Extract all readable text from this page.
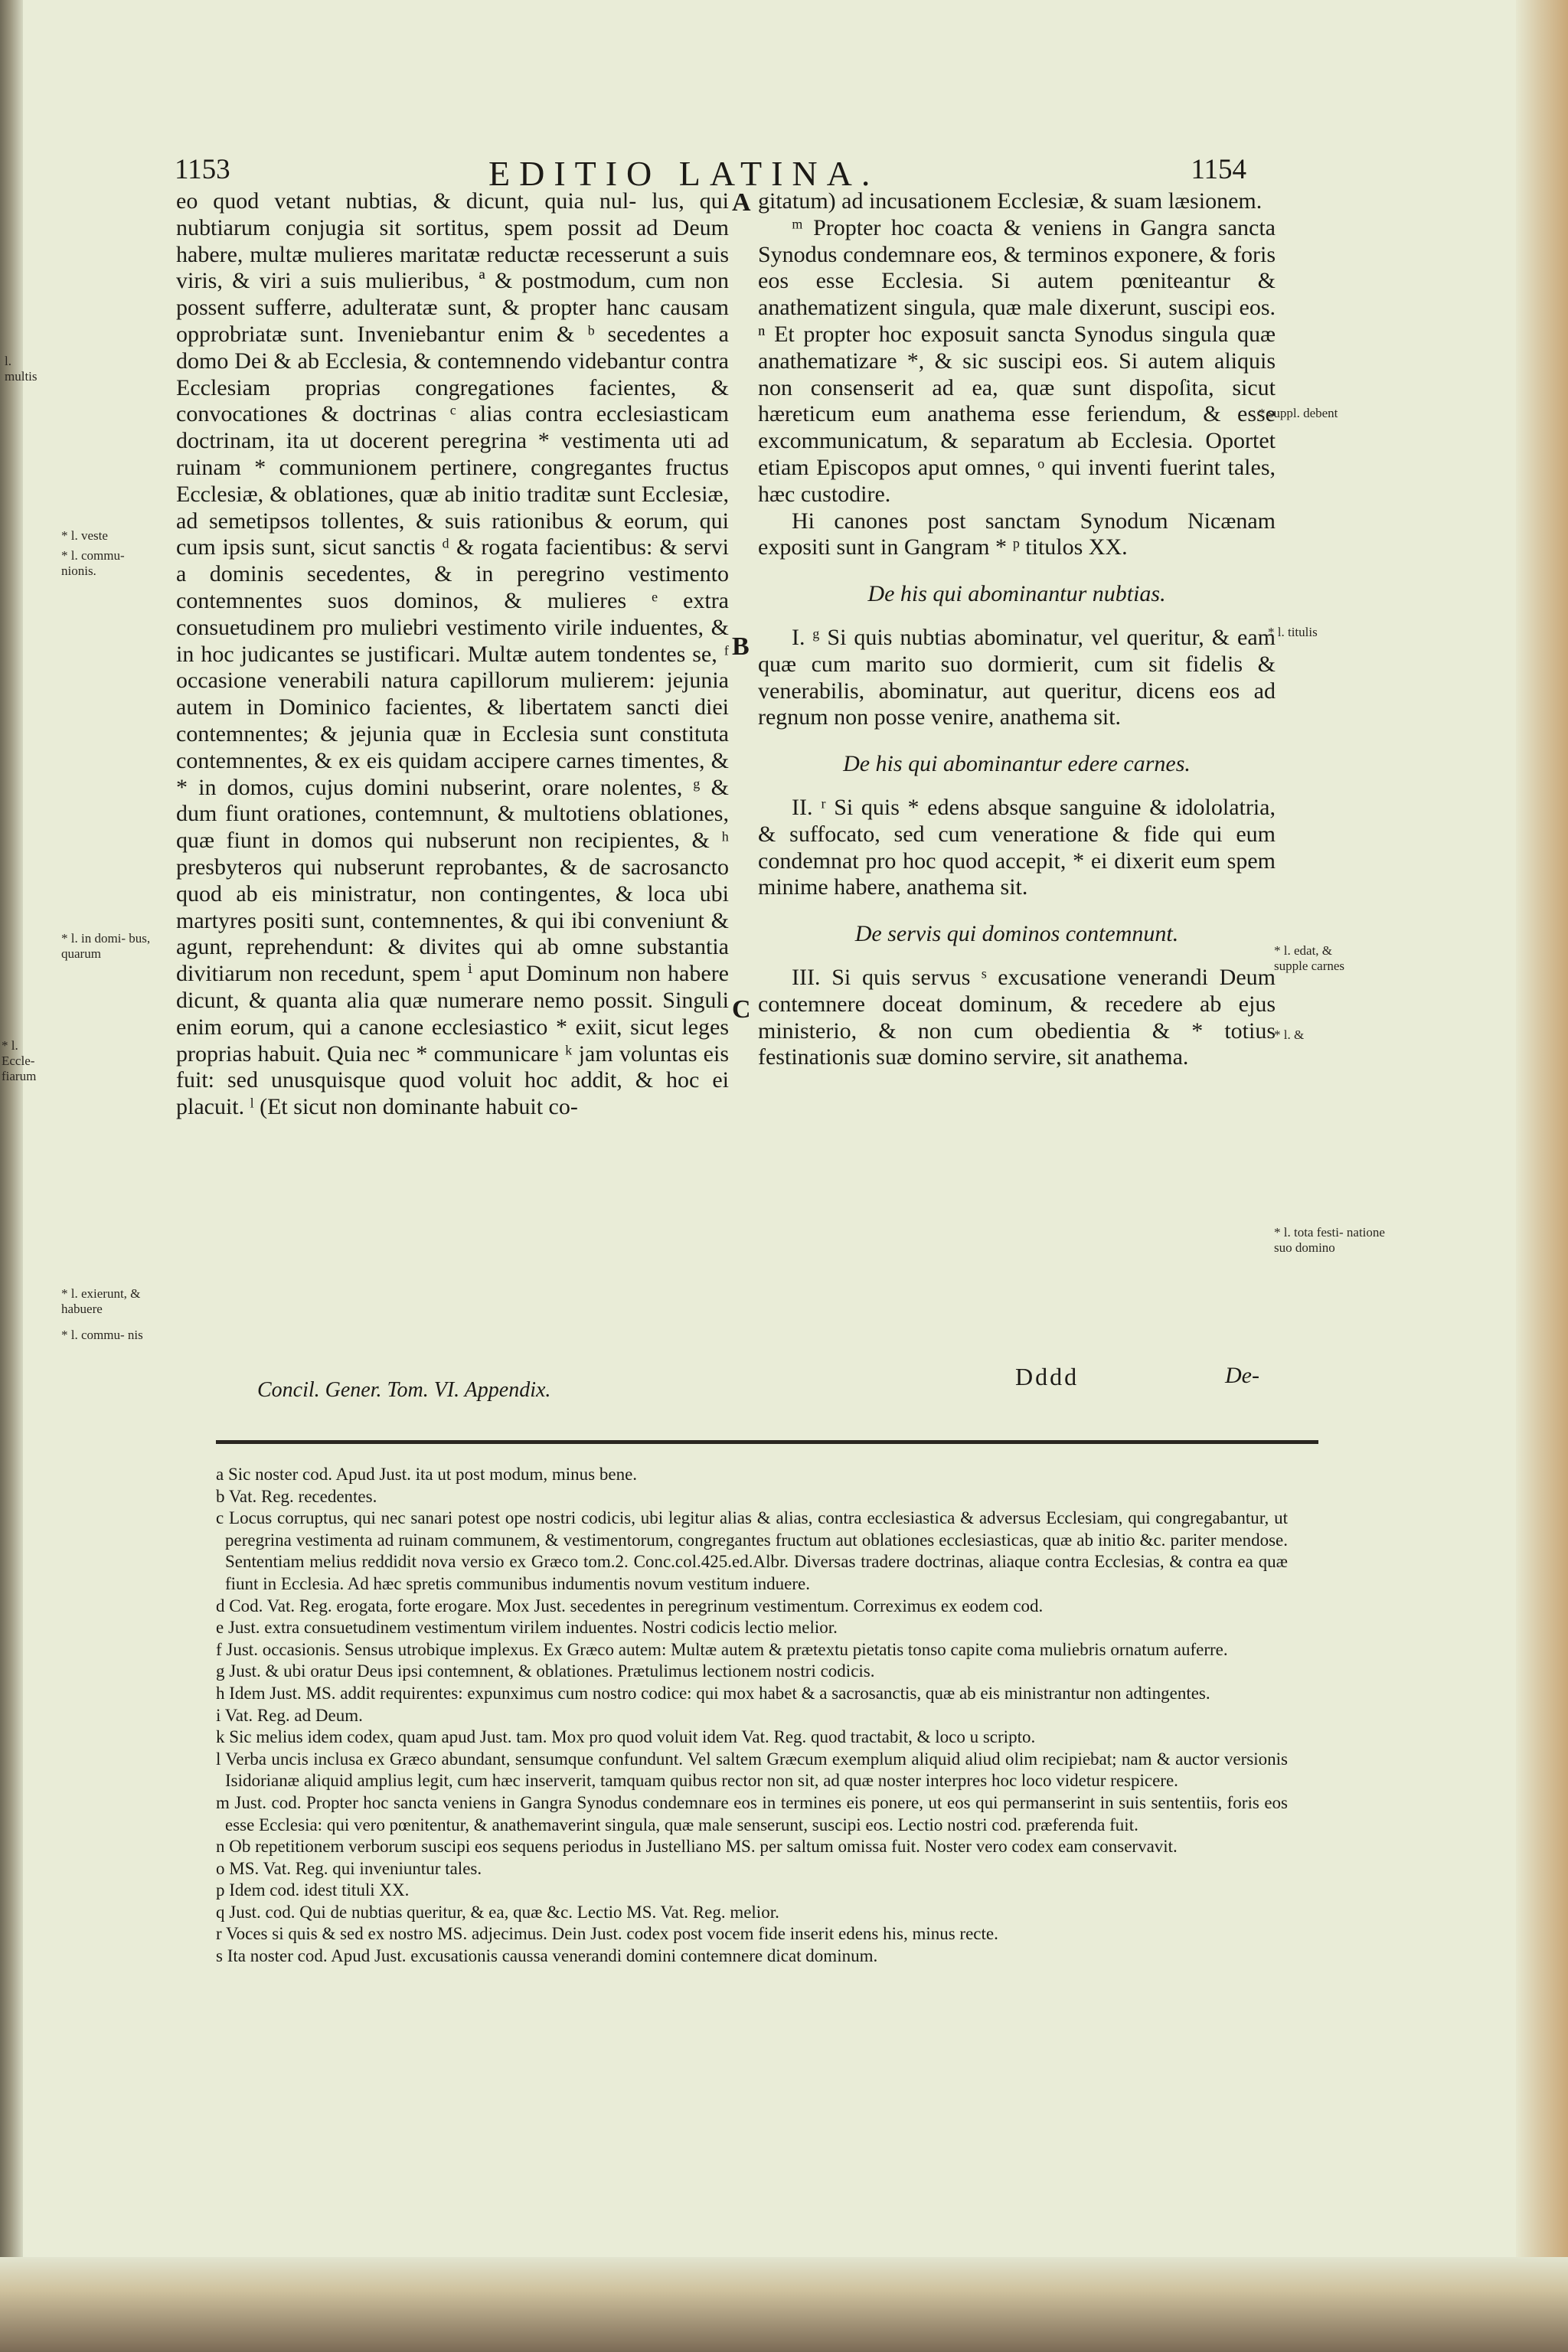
1153	EDITIO LATINA.	1154

eo quod vetant nubtias, & dicunt, quia nul- lus, qui nubtiarum conjugia sit sortitus, spem possit ad Deum habere, multæ mulieres maritatæ reductæ recesserunt a suis viris, & viri a suis mulieribus, ª & postmodum, cum non possent sufferre, adulteratæ sunt, & propter hanc causam opprobriatæ sunt. Inveniebantur enim & ᵇ secedentes a domo Dei & ab Ecclesia, & contemnendo videbantur contra Ecclesiam proprias congregationes facientes, & convocationes & doctrinas ᶜ alias contra ecclesiasticam doctrinam, ita ut docerent peregrina * vestimenta uti ad ruinam * communionem pertinere, congregantes fructus Ecclesiæ, & oblationes, quæ ab initio traditæ sunt Ecclesiæ, ad semetipsos tollentes, & suis rationibus & eorum, qui cum ipsis sunt, sicut sanctis ᵈ & rogata facientibus: & servi a dominis secedentes, & in peregrino vestimento contemnentes suos dominos, & mulieres ᵉ extra consuetudinem pro muliebri vestimento virile induentes, & in hoc judicantes se justificari. Multæ autem tondentes se, ᶠ occasione venerabili natura capillorum mulierem: jejunia autem in Dominico facientes, & libertatem sancti diei contemnentes; & jejunia quæ in Ecclesia sunt constituta contemnentes, & ex eis quidam accipere carnes timentes, & * in domos, cujus domini nubserint, orare nolentes, ᵍ & dum fiunt orationes, contemnunt, & multotiens oblationes, quæ fiunt in domos qui nubserunt non recipientes, & ʰ presbyteros qui nubserunt reprobantes, & de sacrosancto quod ab eis ministratur, non contingentes, & loca ubi martyres positi sunt, contemnentes, & qui ibi conveniunt & agunt, reprehendunt: & divites qui ab omne substantia divitiarum non recedunt, spem ⁱ aput Dominum non habere dicunt, & quanta alia quæ numerare nemo possit. Singuli enim eorum, qui a canone ecclesiastico * exiit, sicut leges proprias habuit. Quia nec * communicare ᵏ jam voluntas eis fuit: sed unusquisque quod voluit hoc addit, & hoc ei placuit. ˡ (Et sicut non dominante habuit co-

gitatum) ad incusationem Ecclesiæ, & suam læsionem.

ᵐ Propter hoc coacta & veniens in Gangra sancta Synodus condemnare eos, & terminos exponere, & foris eos esse Ecclesia. Si autem pœniteantur & anathematizent singula, quæ male dixerunt, suscipi eos. ⁿ Et propter hoc exposuit sancta Synodus singula quæ anathematizare *, & sic suscipi eos. Si autem aliquis non consenserit ad ea, quæ sunt dispoſita, sicut hæreticum eum anathema esse feriendum, & esse excommunicatum, & separatum ab Ecclesia. Oportet etiam Episcopos aput omnes, ᵒ qui inventi fuerint tales, hæc custodire.

Hi canones post sanctam Synodum Nicænam expositi sunt in Gangram * ᵖ titulos XX.

De his qui abominantur nubtias.

I. ᵍ Si quis nubtias abominatur, vel queritur, & eam quæ cum marito suo dormierit, cum sit fidelis & venerabilis, abominatur, aut queritur, dicens eos ad regnum non posse venire, anathema sit.

De his qui abominantur edere carnes.

II. ʳ Si quis * edens absque sanguine & idololatria, & suffocato, sed cum veneratione & fide qui eum condemnat pro hoc quod accepit, * ei dixerit eum spem minime habere, anathema sit.

De servis qui dominos contemnunt.

III. Si quis servus ˢ excusatione venerandi Deum contemnere doceat dominum, & recedere ab ejus ministerio, & non cum obedientia & * totius festinationis suæ domino servire, sit anathema.

A
B
C
l. multis
* l. veste
* l. commu- nionis.
* l. in domi- bus, quarum
* l. Eccle- fiarum
* l. exierunt, & habuere
* l. commu- nis
* suppl. debent
* l. titulis
* l. edat, & supple carnes
* l. &
* l. tota festi- natione suo domino
Concil. Gener. Tom. VI. Appendix.	Dddd	De-

a Sic noster cod. Apud Just. ita ut post modum, minus bene.

b Vat. Reg. recedentes.

c Locus corruptus, qui nec sanari potest ope nostri codicis, ubi legitur alias & alias, contra ecclesiastica & adversus Ecclesiam, qui congregabantur, ut peregrina vestimenta ad ruinam communem, & vestimentorum, congregantes fructum aut oblationes ecclesiasticas, quæ ab initio &c. pariter mendose. Sententiam melius reddidit nova versio ex Græco tom.2. Conc.col.425.ed.Albr. Diversas tradere doctrinas, aliaque contra Ecclesias, & contra ea quæ fiunt in Ecclesia. Ad hæc spretis communibus indumentis novum vestitum induere.

d Cod. Vat. Reg. erogata, forte erogare. Mox Just. secedentes in peregrinum vestimentum. Correximus ex eodem cod.

e Just. extra consuetudinem vestimentum virilem induentes. Nostri codicis lectio melior.

f Just. occasionis. Sensus utrobique implexus. Ex Græco autem: Multæ autem & prætextu pietatis tonso capite coma muliebris ornatum auferre.

g Just. & ubi oratur Deus ipsi contemnent, & oblationes. Prætulimus lectionem nostri codicis.

h Idem Just. MS. addit requirentes: expunximus cum nostro codice: qui mox habet & a sacrosanctis, quæ ab eis ministrantur non adtingentes.

i Vat. Reg. ad Deum.

k Sic melius idem codex, quam apud Just. tam. Mox pro quod voluit idem Vat. Reg. quod tractabit, & loco u scripto.

l Verba uncis inclusa ex Græco abundant, sensumque confundunt. Vel saltem Græcum exemplum aliquid aliud olim recipiebat; nam & auctor versionis Isidorianæ aliquid amplius legit, cum hæc inserverit, tamquam quibus rector non sit, ad quæ noster interpres hoc loco videtur respicere.

m Just. cod. Propter hoc sancta veniens in Gangra Synodus condemnare eos in termines eis ponere, ut eos qui permanserint in suis sententiis, foris eos esse Ecclesia: qui vero pœnitentur, & anathemaverint singula, quæ male senserunt, suscipi eos. Lectio nostri cod. præferenda fuit.

n Ob repetitionem verborum suscipi eos sequens periodus in Justelliano MS. per saltum omissa fuit. Noster vero codex eam conservavit.

o MS. Vat. Reg. qui inveniuntur tales.

p Idem cod. idest tituli XX.

q Just. cod. Qui de nubtias queritur, & ea, quæ &c. Lectio MS. Vat. Reg. melior.

r Voces si quis & sed ex nostro MS. adjecimus. Dein Just. codex post vocem fide inserit edens his, minus recte.

s Ita noster cod. Apud Just. excusationis caussa venerandi domini contemnere dicat dominum.
